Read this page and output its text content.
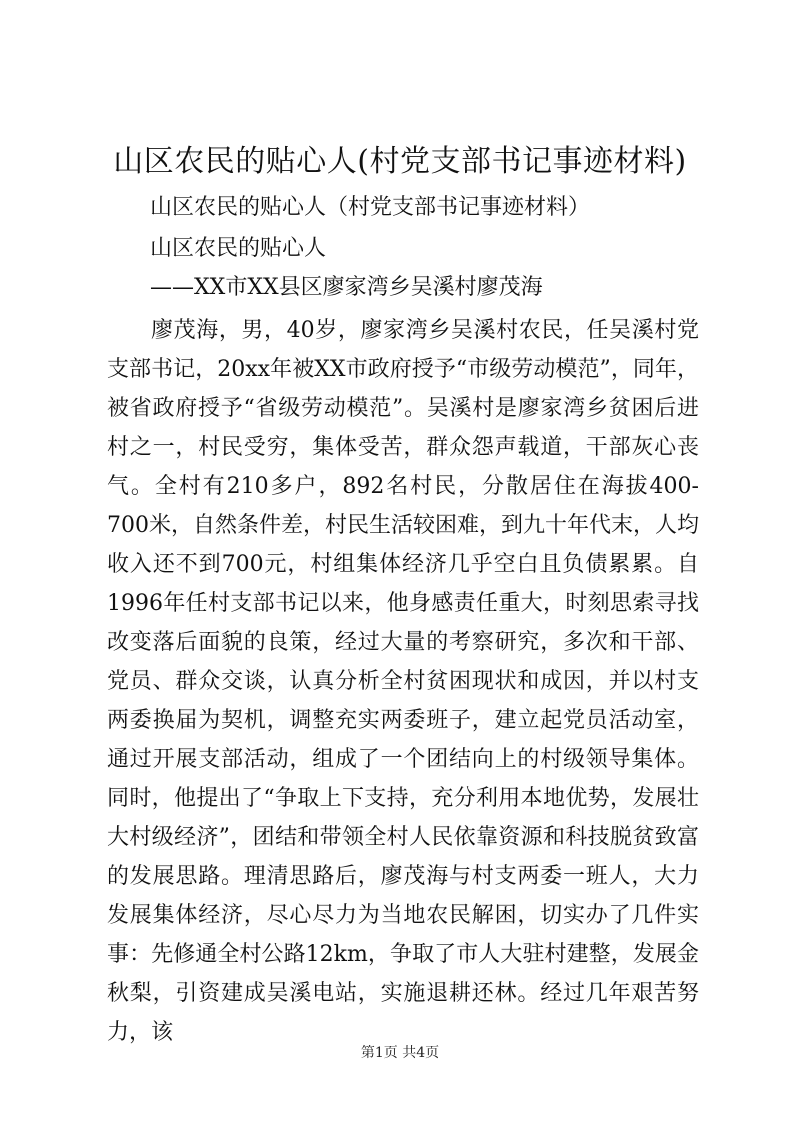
山区农民的贴心人(村党支部书记事迹材料)

山区农民的贴心人（村党支部书记事迹材料）

山区农民的贴心人

——XX市XX县区廖家湾乡吴溪村廖茂海

廖茂海，男，40岁，廖家湾乡吴溪村农民，任吴溪村党支部书记，20xx年被XX市政府授予“市级劳动模范”，同年，被省政府授予“省级劳动模范”。吴溪村是廖家湾乡贫困后进村之一，村民受穷，集体受苦，群众怨声载道，干部灰心丧气。全村有210多户，892名村民，分散居住在海拔400-700米，自然条件差，村民生活较困难，到九十年代末，人均收入还不到700元，村组集体经济几乎空白且负债累累。自1996年任村支部书记以来，他身感责任重大，时刻思索寻找改变落后面貌的良策，经过大量的考察研究，多次和干部、党员、群众交谈，认真分析全村贫困现状和成因，并以村支两委换届为契机，调整充实两委班子，建立起党员活动室，通过开展支部活动，组成了一个团结向上的村级领导集体。同时，他提出了“争取上下支持，充分利用本地优势，发展壮大村级经济”，团结和带领全村人民依靠资源和科技脱贫致富的发展思路。理清思路后，廖茂海与村支两委一班人，大力发展集体经济，尽心尽力为当地农民解困，切实办了几件实事：先修通全村公路12km，争取了市人大驻村建整，发展金秋梨，引资建成吴溪电站，实施退耕还林。经过几年艰苦努力，该

第1页 共4页
